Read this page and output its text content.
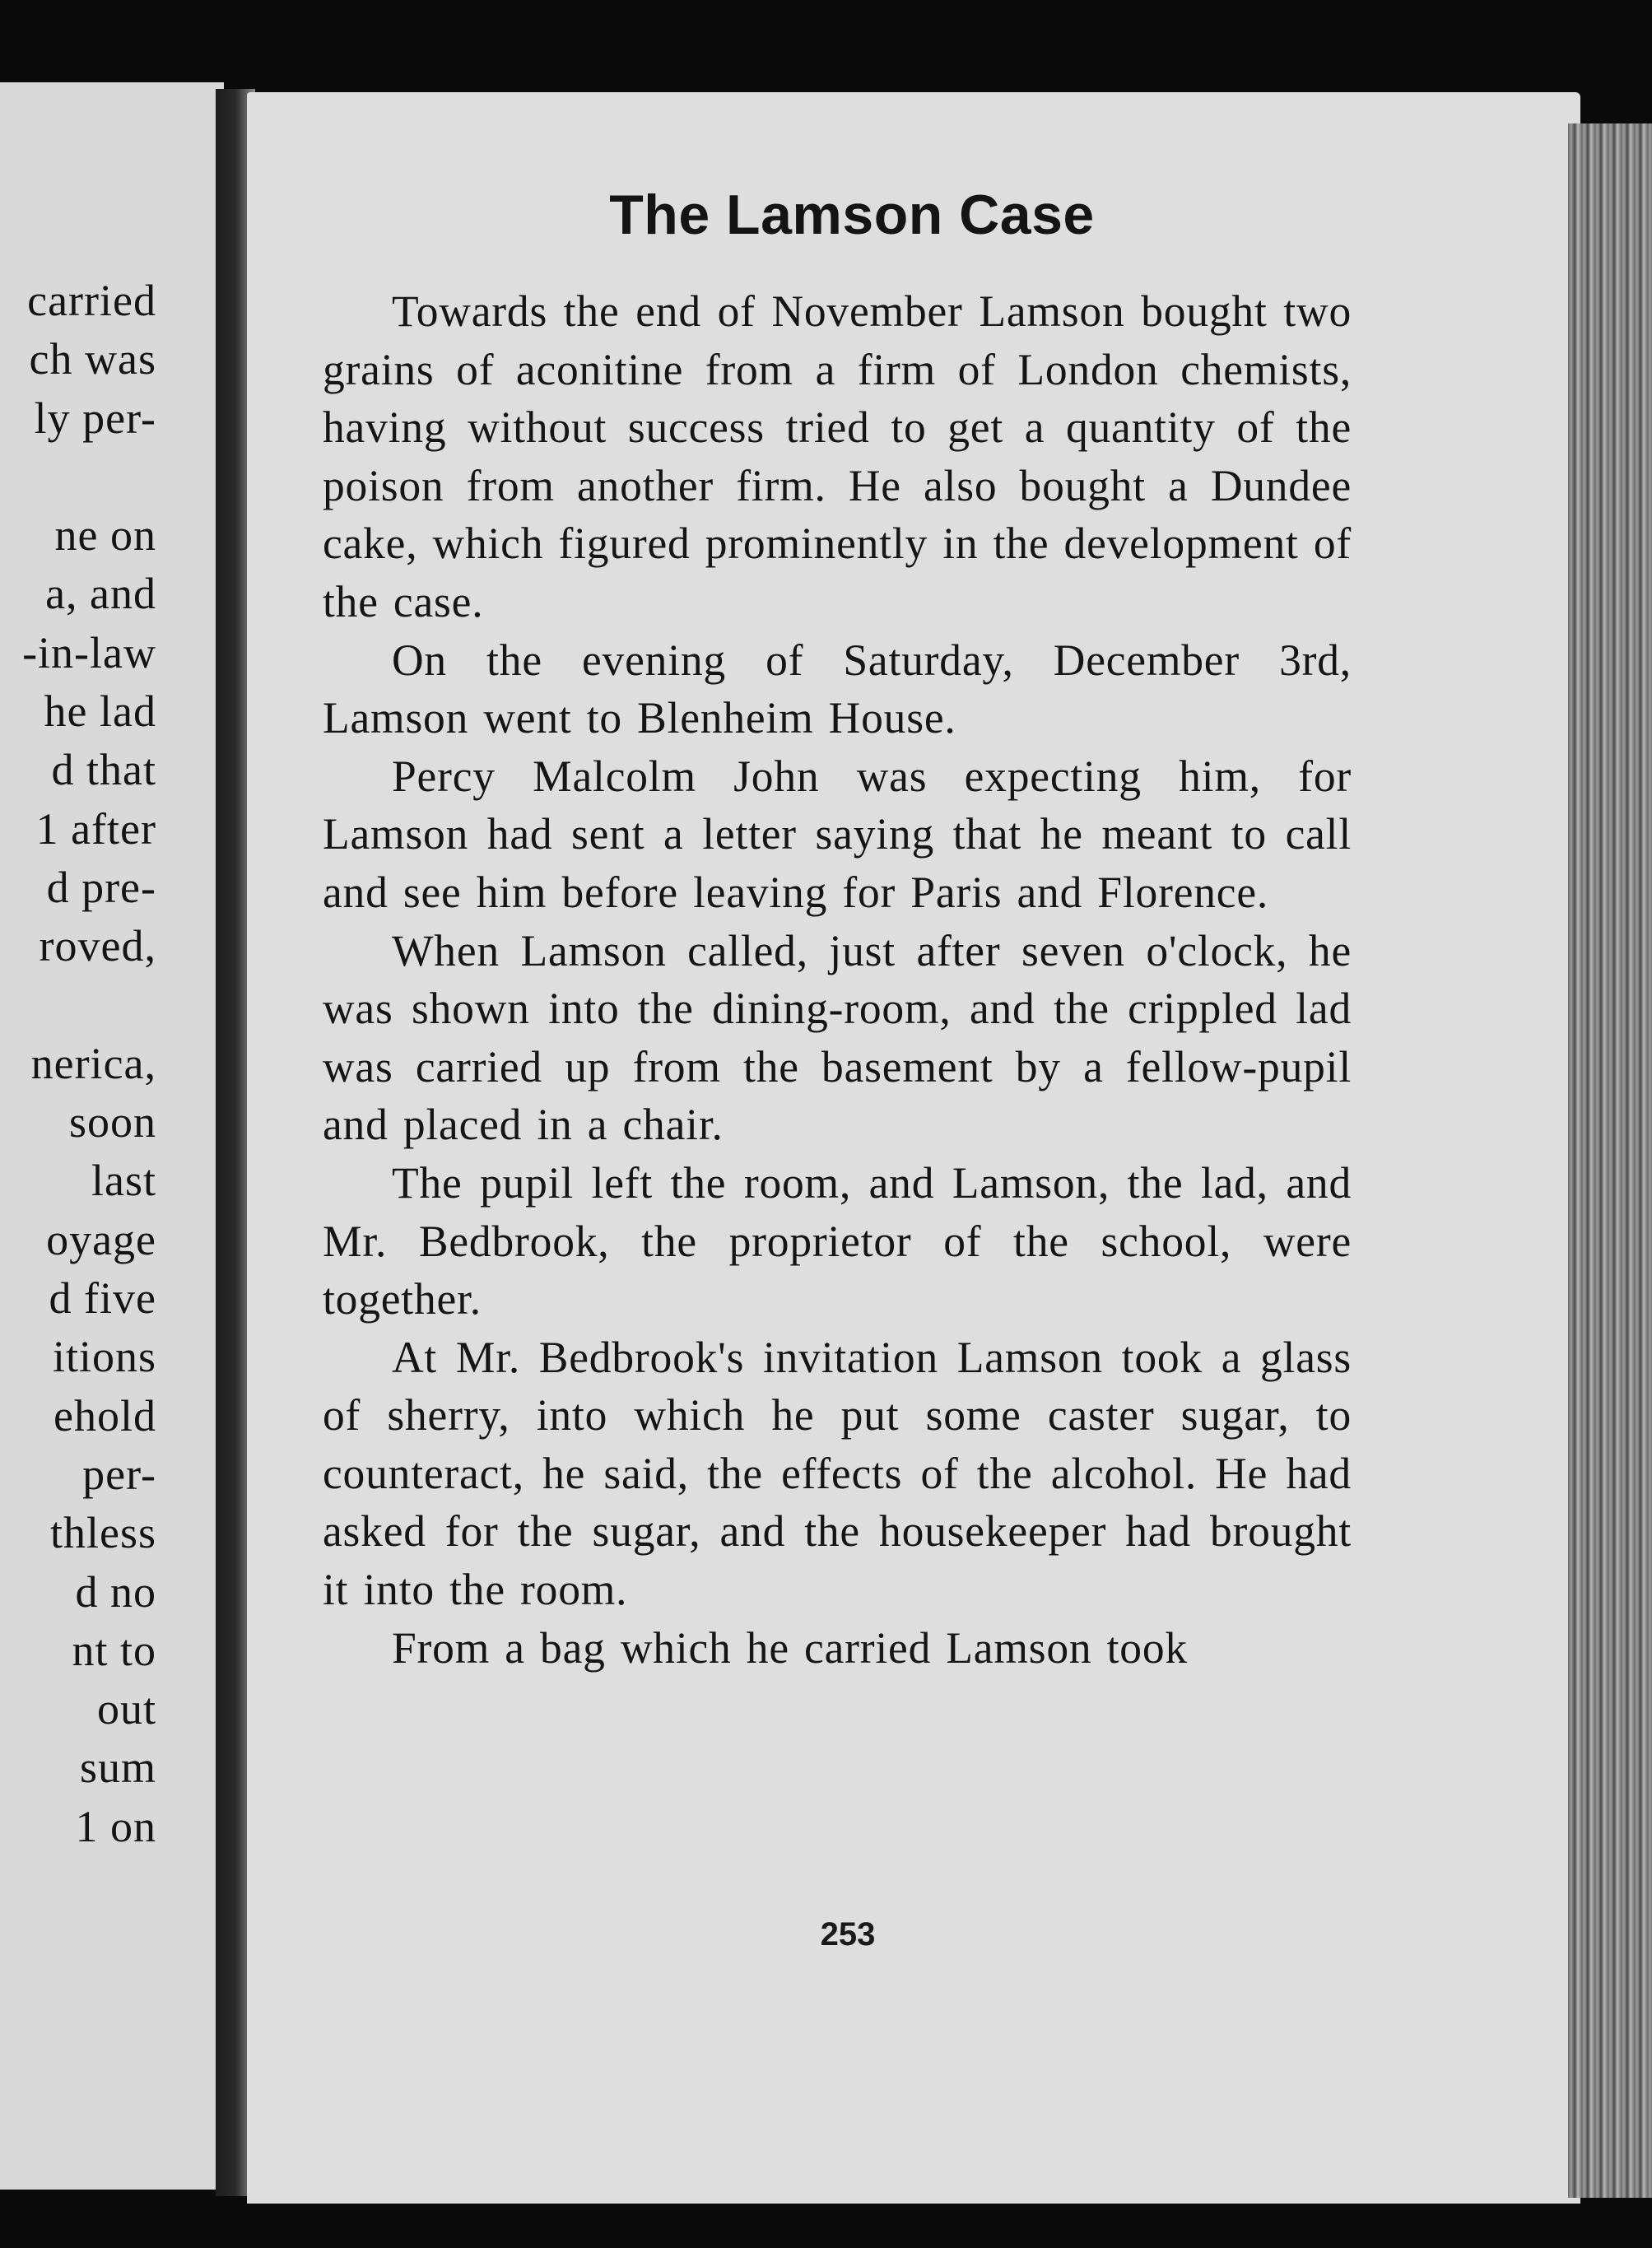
carried
ch was
ly per-

ne on
a, and
-in-law
he lad
d that
1 after
d pre-
roved,

nerica,
soon
last
oyage
d five
itions
ehold
per-
thless
d no
nt to
out
sum
1 on
The Lamson Case

Towards the end of November Lamson bought two grains of aconitine from a firm of London chemists, having without success tried to get a quantity of the poison from another firm. He also bought a Dundee cake, which figured prominently in the development of the case.

On the evening of Saturday, December 3rd, Lamson went to Blenheim House.

Percy Malcolm John was expecting him, for Lamson had sent a letter saying that he meant to call and see him before leaving for Paris and Florence.

When Lamson called, just after seven o'clock, he was shown into the dining-room, and the crippled lad was carried up from the basement by a fellow-pupil and placed in a chair.

The pupil left the room, and Lamson, the lad, and Mr. Bedbrook, the proprietor of the school, were together.

At Mr. Bedbrook's invitation Lamson took a glass of sherry, into which he put some caster sugar, to counteract, he said, the effects of the alcohol. He had asked for the sugar, and the housekeeper had brought it into the room.

From a bag which he carried Lamson took

253
